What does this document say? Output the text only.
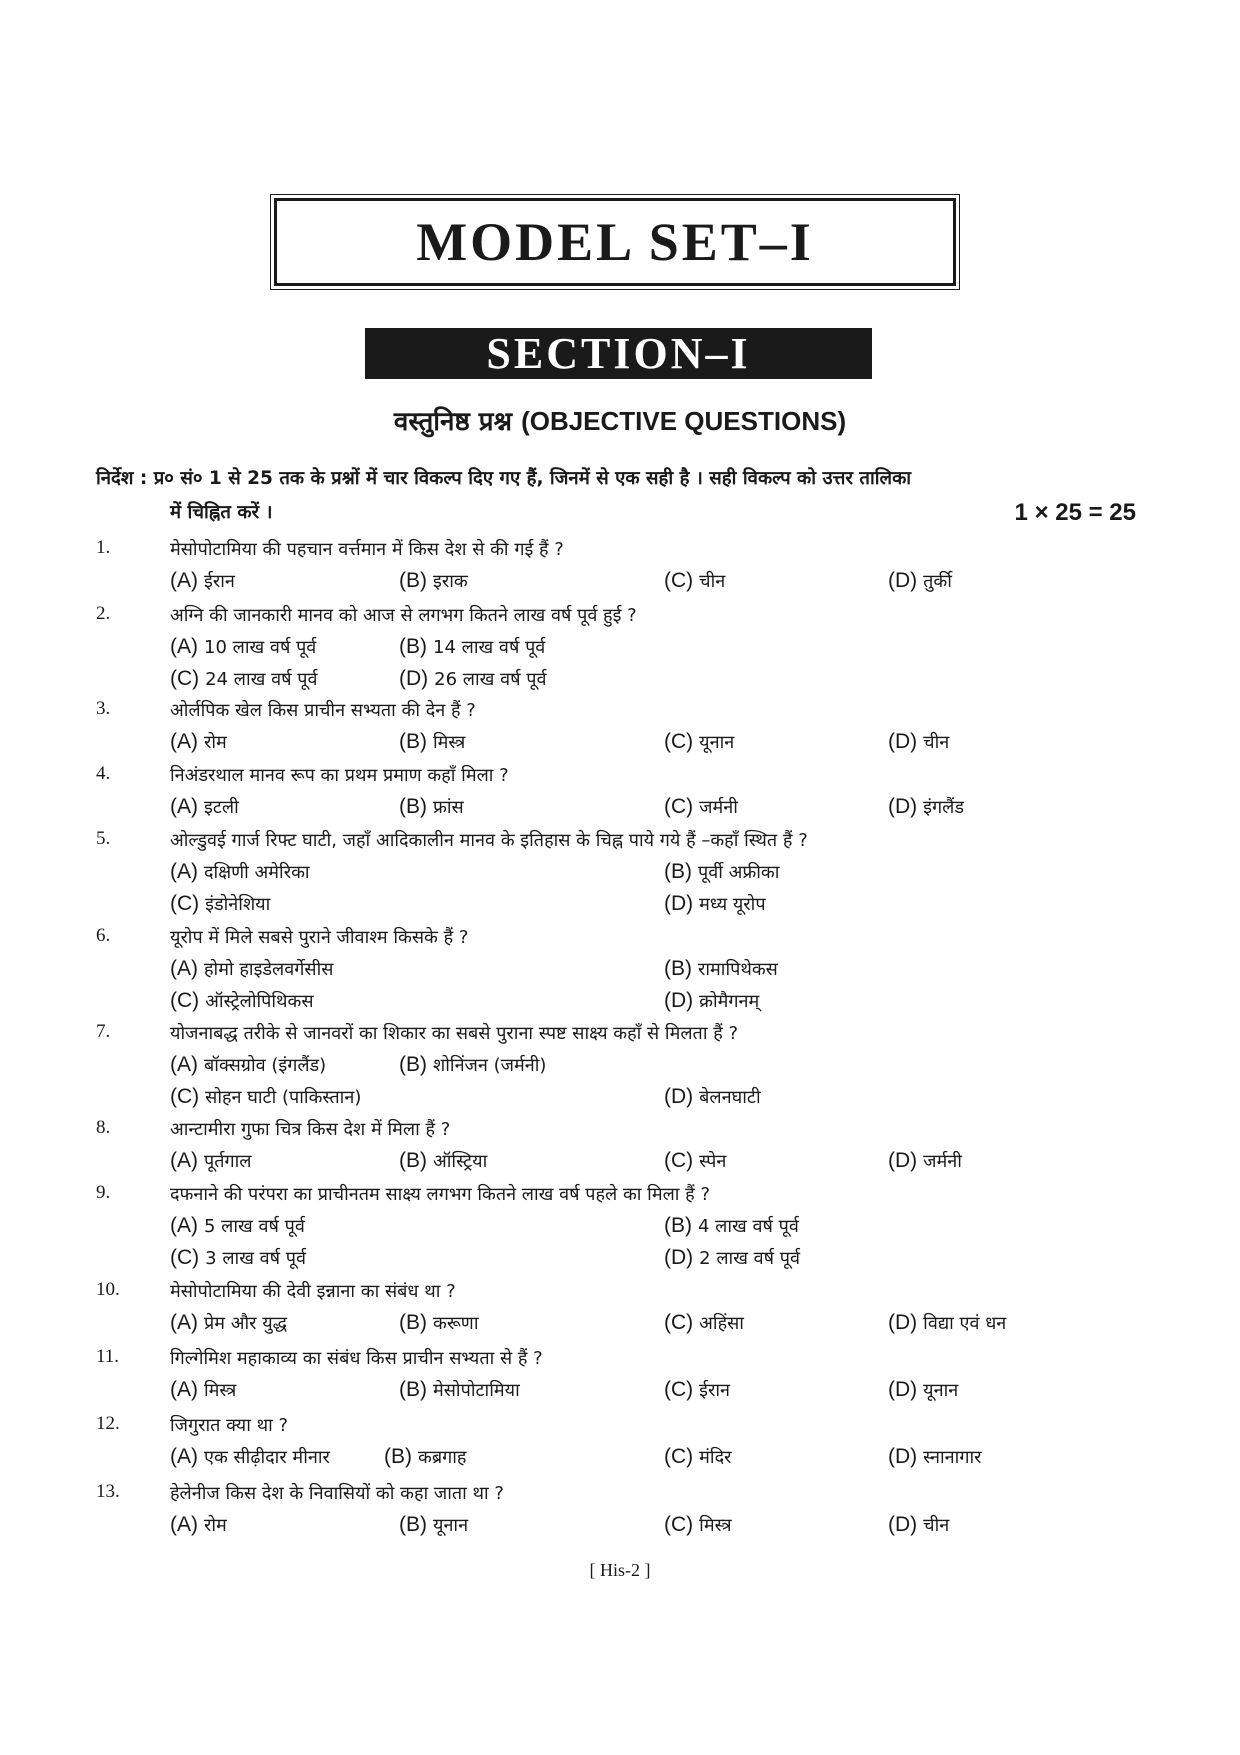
MODEL SET–I
SECTION–I
वस्तुनिष्ठ प्रश्न (OBJECTIVE QUESTIONS)
निर्देश : प्र० सं० 1 से 25 तक के प्रश्नों में चार विकल्प दिए गए हैं, जिनमें से एक सही है । सही विकल्प को उत्तर तालिका
में चिह्नित करें ।	1 × 25 = 25
1.	मेसोपोटामिया की पहचान वर्त्तमान में किस देश से की गई हैं ?
(A) ईरान	(B) इराक	(C) चीन	(D) तुर्की
2.	अग्नि की जानकारी मानव को आज से लगभग कितने लाख वर्ष पूर्व हुई ?
(A) 10 लाख वर्ष पूर्व	(B) 14 लाख वर्ष पूर्व
(C) 24 लाख वर्ष पूर्व	(D) 26 लाख वर्ष पूर्व
3.	ओर्लपिक खेल किस प्राचीन सभ्यता की देन हैं ?
(A) रोम	(B) मिस्त्र	(C) यूनान	(D) चीन
4.	निअंडरथाल मानव रूप का प्रथम प्रमाण कहाँ मिला ?
(A) इटली	(B) फ्रांस	(C) जर्मनी	(D) इंगलैंड
5.	ओल्डुवई गार्ज रिफ्ट घाटी, जहाँ आदिकालीन मानव के इतिहास के चिह्न पाये गये हैं –कहाँ स्थित हैं ?
(A) दक्षिणी अमेरिका	(B) पूर्वी अफ्रीका
(C) इंडोनेशिया	(D) मध्य यूरोप
6.	यूरोप में मिले सबसे पुराने जीवाश्म किसके हैं ?
(A) होमो हाइडेलवर्गेसीस	(B) रामापिथेकस
(C) ऑस्ट्रेलोपिथिकस	(D) क्रोमैगनम्
7.	योजनाबद्ध तरीके से जानवरों का शिकार का सबसे पुराना स्पष्ट साक्ष्य कहाँ से मिलता हैं ?
(A) बॉक्सग्रोव (इंगलैंड)	(B) शोनिंजन (जर्मनी)
(C) सोहन घाटी (पाकिस्तान)	(D) बेलनघाटी
8.	आन्टामीरा गुफा चित्र किस देश में मिला हैं ?
(A) पूर्तगाल	(B) ऑस्ट्रिया	(C) स्पेन	(D) जर्मनी
9.	दफनाने की परंपरा का प्राचीनतम साक्ष्य लगभग कितने लाख वर्ष पहले का मिला हैं ?
(A) 5 लाख वर्ष पूर्व	(B) 4 लाख वर्ष पूर्व
(C) 3 लाख वर्ष पूर्व	(D) 2 लाख वर्ष पूर्व
10.	मेसोपोटामिया की देवी इन्नाना का संबंध था ?
(A) प्रेम और युद्ध	(B) करूणा	(C) अहिंसा	(D) विद्या एवं धन
11.	गिल्गेमिश महाकाव्य का संबंध किस प्राचीन सभ्यता से हैं ?
(A) मिस्त्र	(B) मेसोपोटामिया	(C) ईरान	(D) यूनान
12.	जिगुरात क्या था ?
(A) एक सीढ़ीदार मीनार	(B) कब्रगाह	(C) मंदिर	(D) स्नानागार
13.	हेलेनीज किस देश के निवासियों को कहा जाता था ?
(A) रोम	(B) यूनान	(C) मिस्त्र	(D) चीन
[ His-2 ]
